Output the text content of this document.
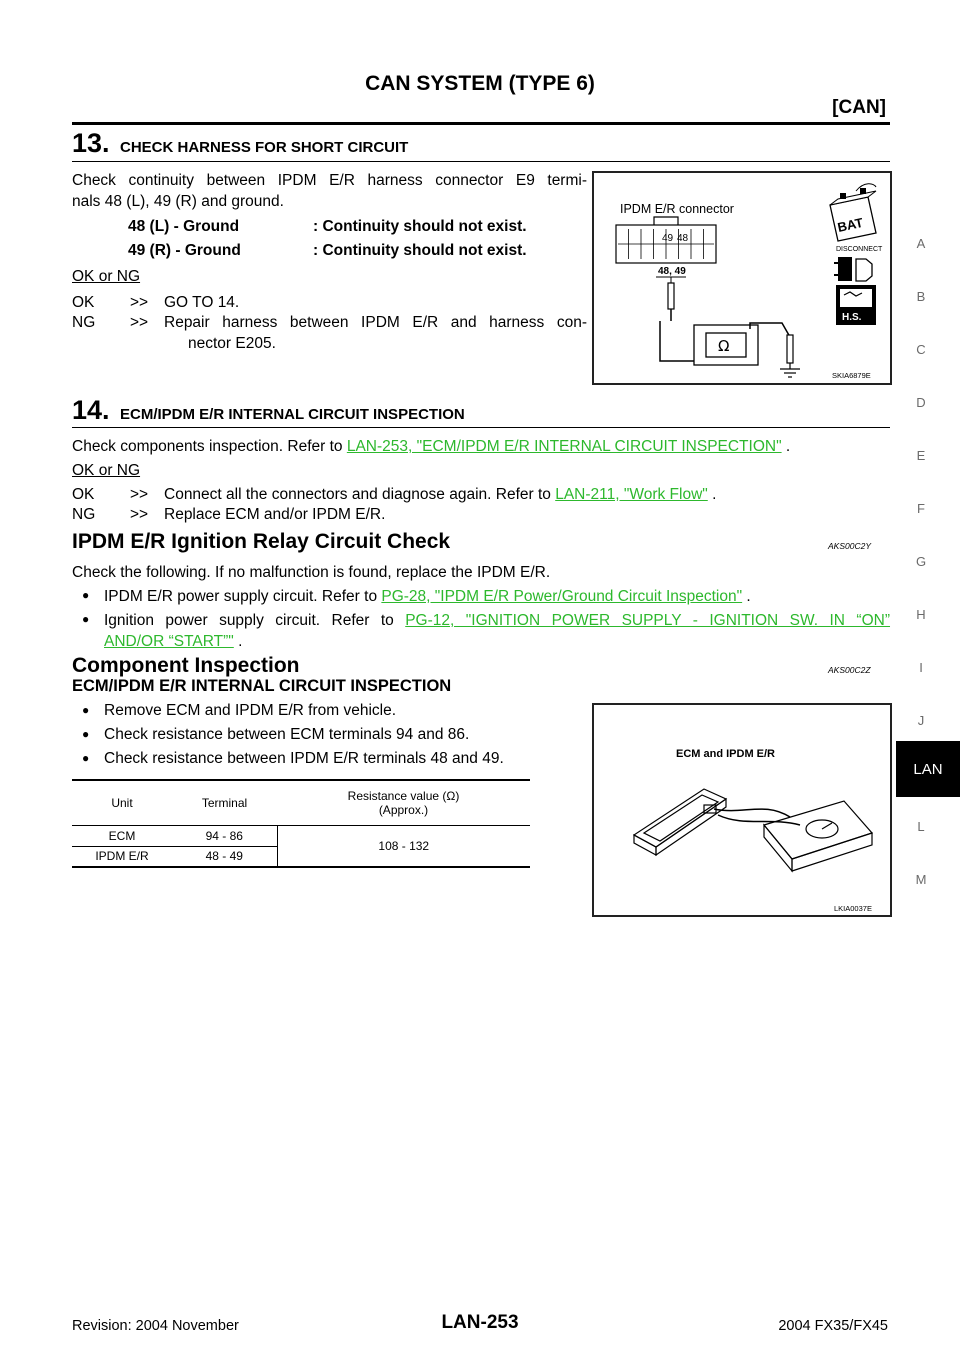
CAN SYSTEM (TYPE 6)
[CAN]
A
B
C
D
E
F
G
H
I
J
LAN
L
M
13. CHECK HARNESS FOR SHORT CIRCUIT
Check continuity between IPDM E/R harness connector E9 termi-
nals 48 (L), 49 (R) and ground.
48 (L) - Ground	: Continuity should not exist.
49 (R) - Ground	: Continuity should not exist.
OK or NG
OK >> GO TO 14.
NG >> Repair harness between IPDM E/R and harness con-
nector E205.
IPDM E/R connector
49 48
48, 49
Ω
BAT
DISCONNECT
H.S.
SKIA6879E
14. ECM/IPDM E/R INTERNAL CIRCUIT INSPECTION
Check components inspection. Refer to LAN-253, "ECM/IPDM E/R INTERNAL CIRCUIT INSPECTION" .
OK or NG
OK >> Connect all the connectors and diagnose again. Refer to LAN-211, "Work Flow" .
NG >> Replace ECM and/or IPDM E/R.
IPDM E/R Ignition Relay Circuit Check	AKS00C2Y
Check the following. If no malfunction is found, replace the IPDM E/R.
● IPDM E/R power supply circuit. Refer to PG-28, "IPDM E/R Power/Ground Circuit Inspection" .
● Ignition power supply circuit. Refer to PG-12, "IGNITION POWER SUPPLY - IGNITION SW. IN “ON”
AND/OR “START”" .
Component Inspection	AKS00C2Z
ECM/IPDM E/R INTERNAL CIRCUIT INSPECTION
● Remove ECM and IPDM E/R from vehicle.
● Check resistance between ECM terminals 94 and 86.
● Check resistance between IPDM E/R terminals 48 and 49.
Unit	Terminal	Resistance value (Ω)
(Approx.)

ECM	94 - 86	108 - 132
IPDM E/R	48 - 49	
ECM and IPDM E/R
LKIA0037E
Revision: 2004 November	LAN-253	2004 FX35/FX45
